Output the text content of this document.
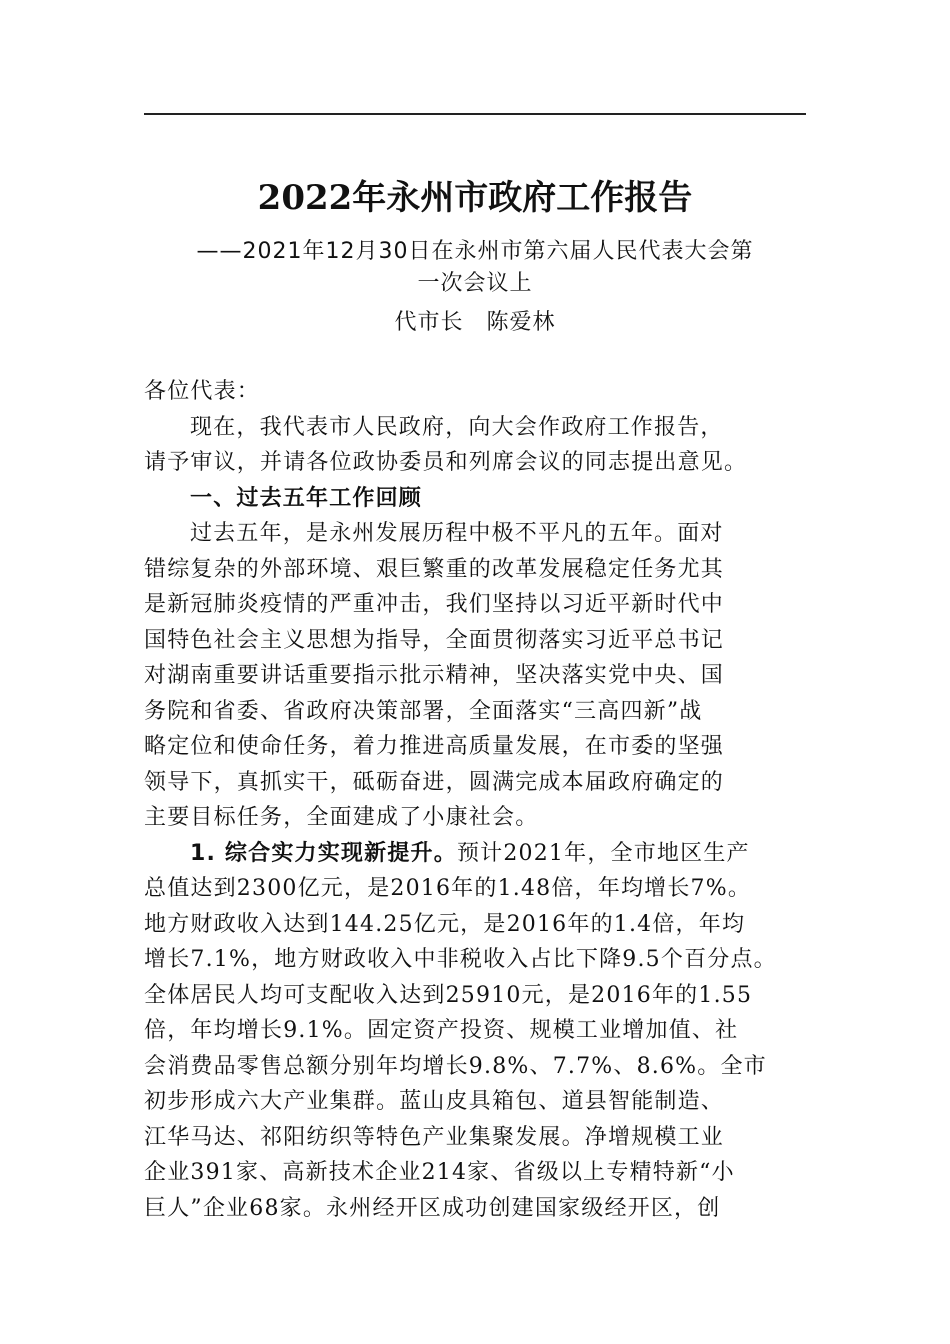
2022年永州市政府工作报告
——2021年12月30日在永州市第六届人民代表大会第
一次会议上
代市长　陈爱林
各位代表：
现在，我代表市人民政府，向大会作政府工作报告，
请予审议，并请各位政协委员和列席会议的同志提出意见。
一、过去五年工作回顾
过去五年，是永州发展历程中极不平凡的五年。面对
错综复杂的外部环境、艰巨繁重的改革发展稳定任务尤其
是新冠肺炎疫情的严重冲击，我们坚持以习近平新时代中
国特色社会主义思想为指导，全面贯彻落实习近平总书记
对湖南重要讲话重要指示批示精神，坚决落实党中央、国
务院和省委、省政府决策部署，全面落实“三高四新”战
略定位和使命任务，着力推进高质量发展，在市委的坚强
领导下，真抓实干，砥砺奋进，圆满完成本届政府确定的
主要目标任务，全面建成了小康社会。
1. 综合实力实现新提升。预计2021年，全市地区生产
总值达到2300亿元，是2016年的1.48倍，年均增长7%。
地方财政收入达到144.25亿元，是2016年的1.4倍，年均
增长7.1%，地方财政收入中非税收入占比下降9.5个百分点。
全体居民人均可支配收入达到25910元，是2016年的1.55
倍，年均增长9.1%。固定资产投资、规模工业增加值、社
会消费品零售总额分别年均增长9.8%、7.7%、8.6%。全市
初步形成六大产业集群。蓝山皮具箱包、道县智能制造、
江华马达、祁阳纺织等特色产业集聚发展。净增规模工业
企业391家、高新技术企业214家、省级以上专精特新“小
巨人”企业68家。永州经开区成功创建国家级经开区，创
